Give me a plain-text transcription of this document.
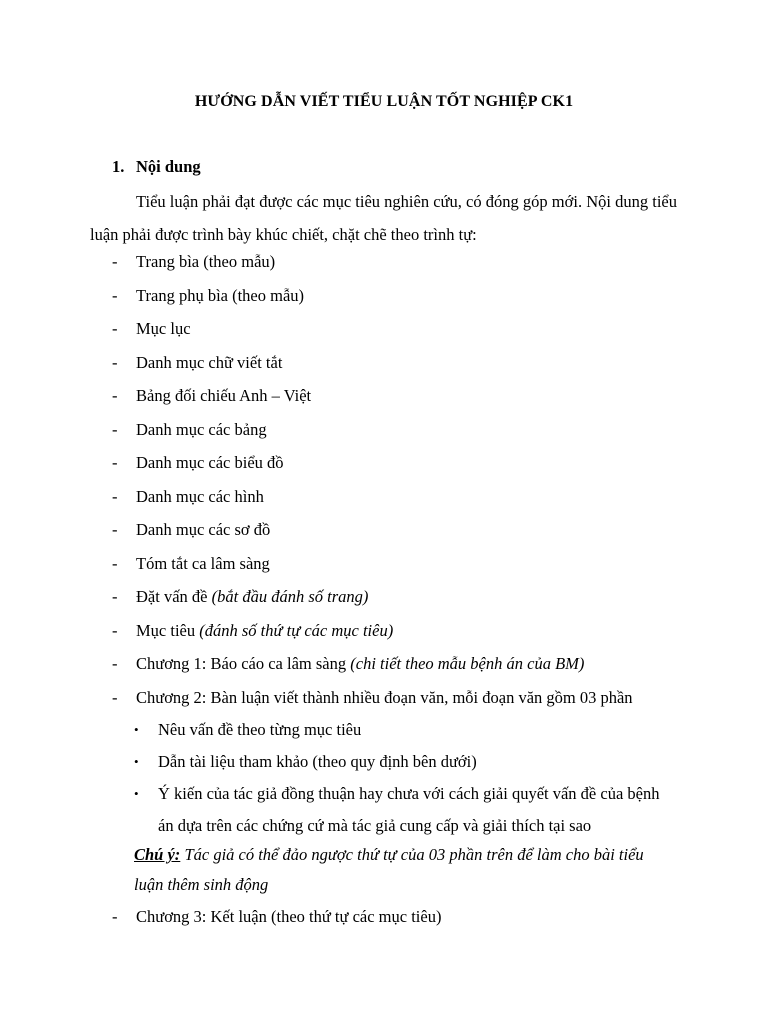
HƯỚNG DẪN VIẾT TIỂU LUẬN TỐT NGHIỆP CK1
1. Nội dung
Tiểu luận phải đạt được các mục tiêu nghiên cứu, có đóng góp mới. Nội dung tiểu luận phải được trình bày khúc chiết, chặt chẽ theo trình tự:
- Trang bìa (theo mẫu)
- Trang phụ bìa (theo mẫu)
- Mục lục
- Danh mục chữ viết tắt
- Bảng đối chiếu Anh – Việt
- Danh mục các bảng
- Danh mục các biểu đồ
- Danh mục các hình
- Danh mục các sơ đồ
- Tóm tắt ca lâm sàng
- Đặt vấn đề (bắt đầu đánh số trang)
- Mục tiêu (đánh số thứ tự các mục tiêu)
- Chương 1: Báo cáo ca lâm sàng (chi tiết theo mẫu bệnh án của BM)
- Chương 2: Bàn luận viết thành nhiều đoạn văn, mỗi đoạn văn gồm 03 phần
• Nêu vấn đề theo từng mục tiêu
• Dẫn tài liệu tham khảo (theo quy định bên dưới)
• Ý kiến của tác giả đồng thuận hay chưa với cách giải quyết vấn đề của bệnh án dựa trên các chứng cứ mà tác giả cung cấp và giải thích tại sao
Chú ý: Tác giả có thể đảo ngược thứ tự của 03 phần trên để làm cho bài tiểu luận thêm sinh động
- Chương 3: Kết luận (theo thứ tự các mục tiêu)
